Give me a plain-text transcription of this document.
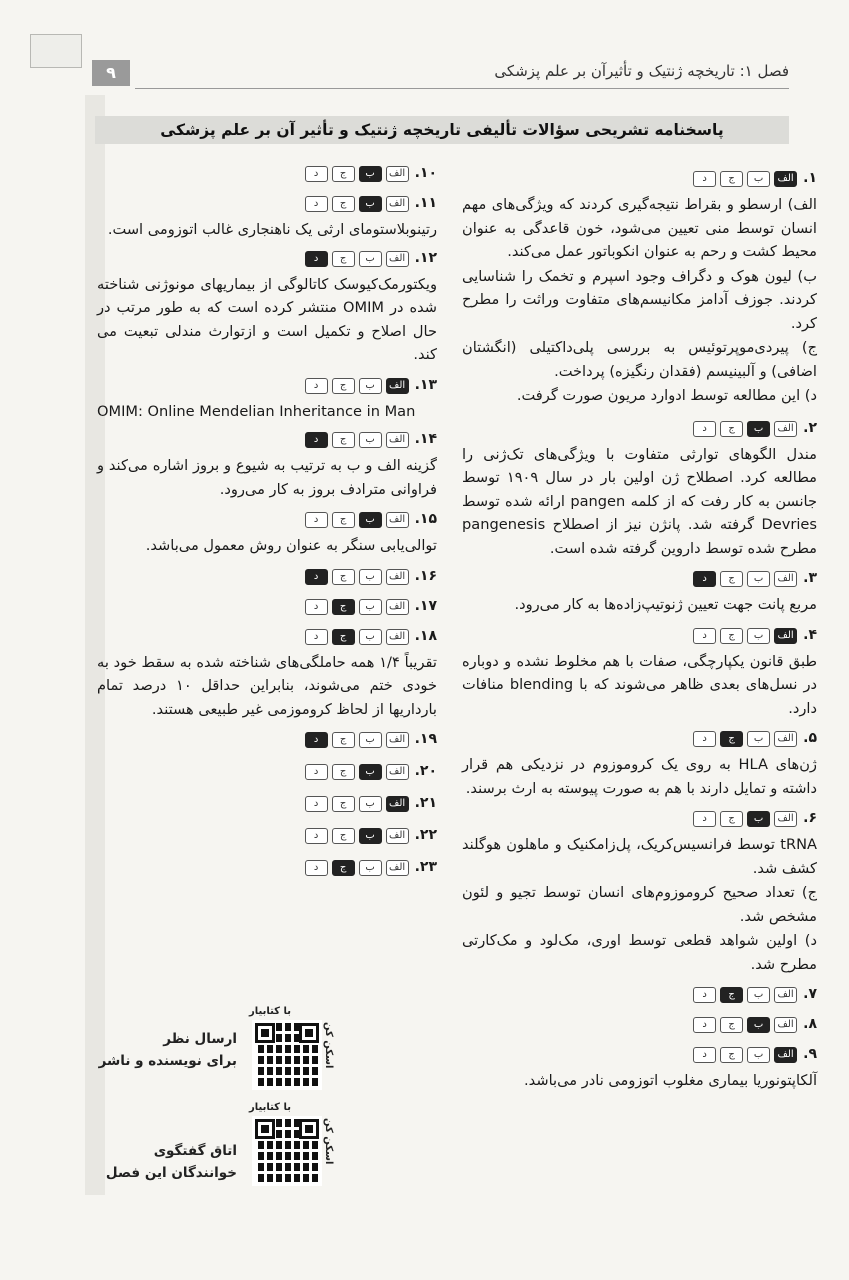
۹	فصل ۱: تاریخچه ژنتیک و تأثیرآن بر علم پزشکی
پاسخنامه تشریحی سؤالات تألیفی تاریخچه ژنتیک و تأثیر آن بر علم پزشکی
۱.
الف
ب
ج
د
الف) ارسطو و بقراط نتیجه‌گیری کردند که ویژگی‌های مهم انسان توسط منی تعیین می‌شود، خون قاعدگی به عنوان محیط کشت و رحم به عنوان انکوباتور عمل می‌کند.
ب) لیون هوک و دگراف وجود اسپرم و تخمک را شناسایی کردند. جوزف آدامز مکانیسم‌های متفاوت وراثت را مطرح کرد.
ج) پیردی‌موپرتوئیس به بررسی پلی‌داکتیلی (انگشتان اضافی) و آلبینیسم (فقدان رنگیزه) پرداخت.
د) این مطالعه توسط ادوارد مریون صورت گرفت.
۲.
الف
ب
ج
د
مندل الگوهای توارثی متفاوت با ویژگی‌های تک‌ژنی را مطالعه کرد. اصطلاح ژن اولین بار در سال ۱۹۰۹ توسط جانسن به کار رفت که از کلمه pangen ارائه شده توسط Devries گرفته شد. پانژن نیز از اصطلاح pangenesis مطرح شده توسط داروین گرفته شده است.
۳.
الف
ب
ج
د
مربع پانت جهت تعیین ژنوتیپ‌زاده‌ها به کار می‌رود.
۴.
الف
ب
ج
د
طبق قانون یکپارچگی، صفات با هم مخلوط نشده و دوباره در نسل‌های بعدی ظاهر می‌شوند که با blending منافات دارد.
۵.
الف
ب
ج
د
ژن‌های HLA به روی یک کروموزوم در نزدیکی هم قرار داشته و تمایل دارند با هم به صورت پیوسته به ارث برسند.
۶.
الف
ب
ج
د
tRNA توسط فرانسیس‌کریک، پل‌زامکنیک و ماهلون هوگلند کشف شد.
ج) تعداد صحیح کروموزوم‌های انسان توسط تجیو و لئون مشخص شد.
د) اولین شواهد قطعی توسط اوری، مک‌لود و مک‌کارتی مطرح شد.
۷.
الف
ب
ج
د
۸.
الف
ب
ج
د
۹.
الف
ب
ج
د
آلکاپتونوریا بیماری مغلوب اتوزومی نادر می‌باشد.
۱۰.
الف
ب
ج
د
۱۱.
الف
ب
ج
د
رتینوبلاستومای ارثی یک ناهنجاری غالب اتوزومی است.
۱۲.
الف
ب
ج
د
ویکتورمک‌کیوسک کاتالوگی از بیماریهای مونوژنی شناخته شده در OMIM منتشر کرده است که به طور مرتب در حال اصلاح و تکمیل است و ازتوارث مندلی تبعیت می کند.
۱۳.
الف
ب
ج
د
OMIM: Online Mendelian Inheritance in Man
۱۴.
الف
ب
ج
د
گزینه الف و ب به ترتیب به شیوع و بروز اشاره می‌کند و فراوانی مترادف بروز به کار می‌رود.
۱۵.
الف
ب
ج
د
توالی‌یابی سنگر به عنوان روش معمول می‌باشد.
۱۶.
الف
ب
ج
د
۱۷.
الف
ب
ج
د
۱۸.
الف
ب
ج
د
تقریباً ۱/۴ همه حاملگی‌های شناخته شده به سقط خود به خودی ختم می‌شوند، بنابراین حداقل ۱۰ درصد تمام بارداریها از لحاظ کروموزمی غیر طبیعی هستند.
۱۹.
الف
ب
ج
د
۲۰.
الف
ب
ج
د
۲۱.
الف
ب
ج
د
۲۲.
الف
ب
ج
د
۲۳.
الف
ب
ج
د
با کتابیار
اسکن کن
ارسال نظر
برای نویسنده و ناشر
با کتابیار
اسکن کن
اتاق گفتگوی
خوانندگان این فصل
